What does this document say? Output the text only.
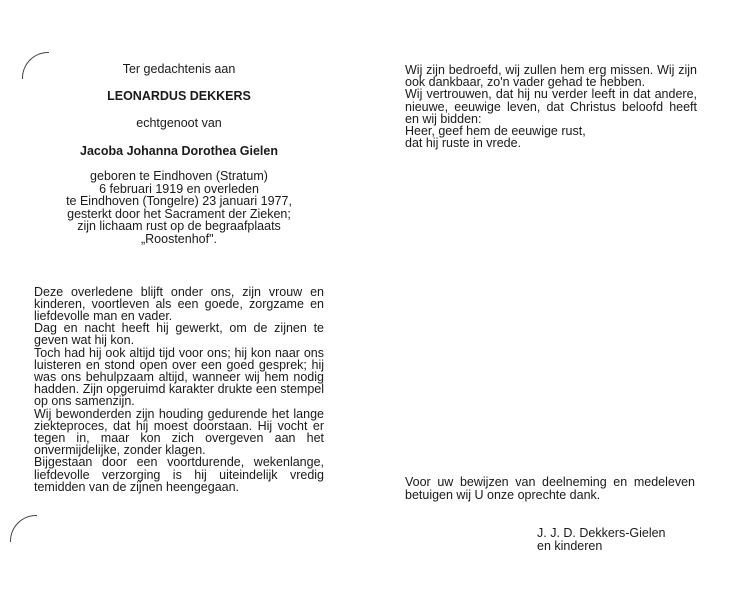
Ter gedachtenis aan
LEONARDUS DEKKERS
echtgenoot van
Jacoba Johanna Dorothea Gielen
geboren te Eindhoven (Stratum)
6 februari 1919 en overleden
te Eindhoven (Tongelre) 23 januari 1977,
gesterkt door het Sacrament der Zieken;
zijn lichaam rust op de begraafplaats
„Roostenhof".

Deze overledene blijft onder ons, zijn vrouw en kinderen, voortleven als een goede, zorgzame en liefdevolle man en vader.

Dag en nacht heeft hij gewerkt, om de zijnen te geven wat hij kon.

Toch had hij ook altijd tijd voor ons; hij kon naar ons luisteren en stond open over een goed gesprek; hij was ons behulpzaam altijd, wanneer wij hem nodig hadden. Zijn opgeruimd karakter drukte een stempel op ons samenzijn.

Wij bewonderden zijn houding gedurende het lange ziekteproces, dat hij moest doorstaan. Hij vocht er tegen in, maar kon zich overgeven aan het onvermijdelijke, zonder klagen.

Bijgestaan door een voortdurende, wekenlange, liefdevolle verzorging is hij uiteindelijk vredig temidden van de zijnen heengegaan.

Wij zijn bedroefd, wij zullen hem erg missen. Wij zijn ook dankbaar, zo'n vader gehad te hebben.

Wij vertrouwen, dat hij nu verder leeft in dat andere, nieuwe, eeuwige leven, dat Christus beloofd heeft en wij bidden:

Heer, geef hem de eeuwige rust,

dat hij ruste in vrede.

Voor uw bewijzen van deelneming en medeleven betuigen wij U onze oprechte dank.
J. J. D. Dekkers-Gielen
en kinderen
